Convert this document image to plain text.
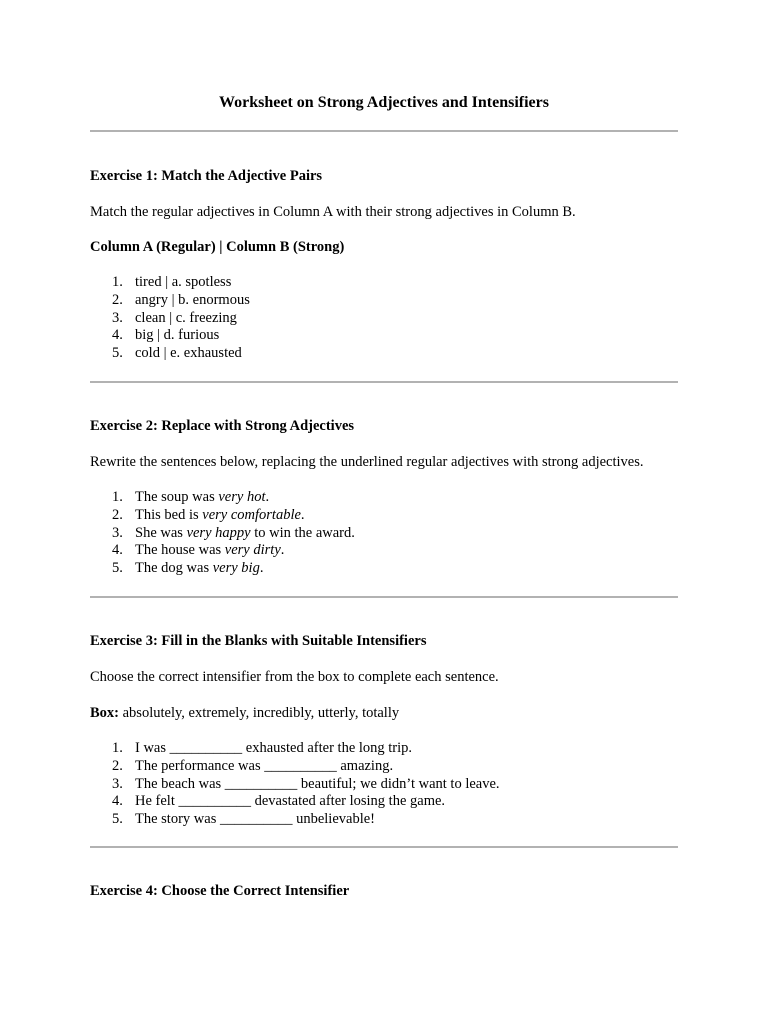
Worksheet on Strong Adjectives and Intensifiers
Exercise 1: Match the Adjective Pairs
Match the regular adjectives in Column A with their strong adjectives in Column B.
Column A (Regular) | Column B (Strong)
1. tired | a. spotless
2. angry | b. enormous
3. clean | c. freezing
4. big | d. furious
5. cold | e. exhausted
Exercise 2: Replace with Strong Adjectives
Rewrite the sentences below, replacing the underlined regular adjectives with strong adjectives.
1. The soup was very hot.
2. This bed is very comfortable.
3. She was very happy to win the award.
4. The house was very dirty.
5. The dog was very big.
Exercise 3: Fill in the Blanks with Suitable Intensifiers
Choose the correct intensifier from the box to complete each sentence.
Box: absolutely, extremely, incredibly, utterly, totally
1. I was __________ exhausted after the long trip.
2. The performance was __________ amazing.
3. The beach was __________ beautiful; we didn’t want to leave.
4. He felt __________ devastated after losing the game.
5. The story was __________ unbelievable!
Exercise 4: Choose the Correct Intensifier
